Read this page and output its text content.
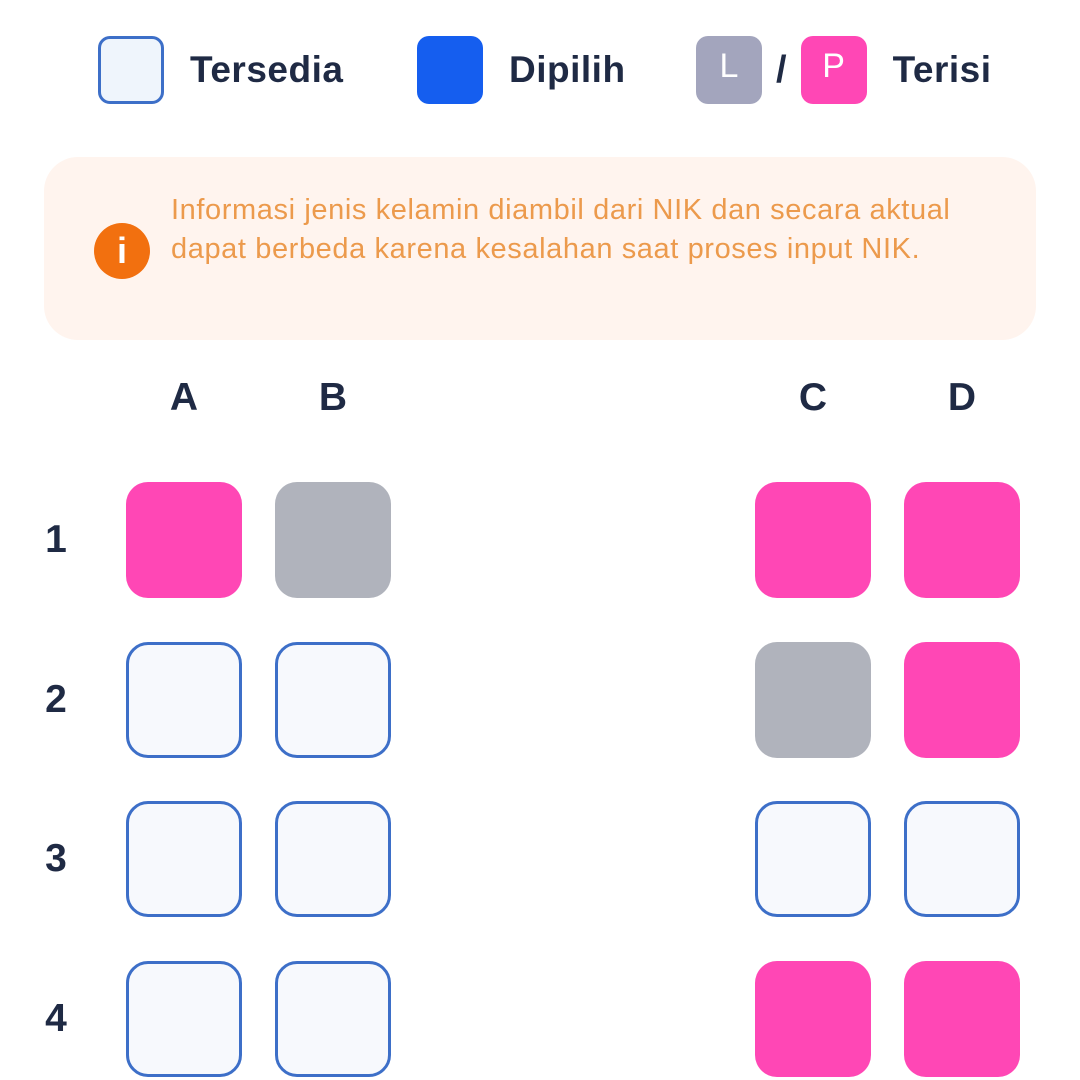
Tersedia	Dipilih	L / P Terisi
i

Informasi jenis kelamin diambil dari NIK dan secara aktual dapat berbeda karena kesalahan saat proses input NIK.

A	B	C	D
1
2
3
4
